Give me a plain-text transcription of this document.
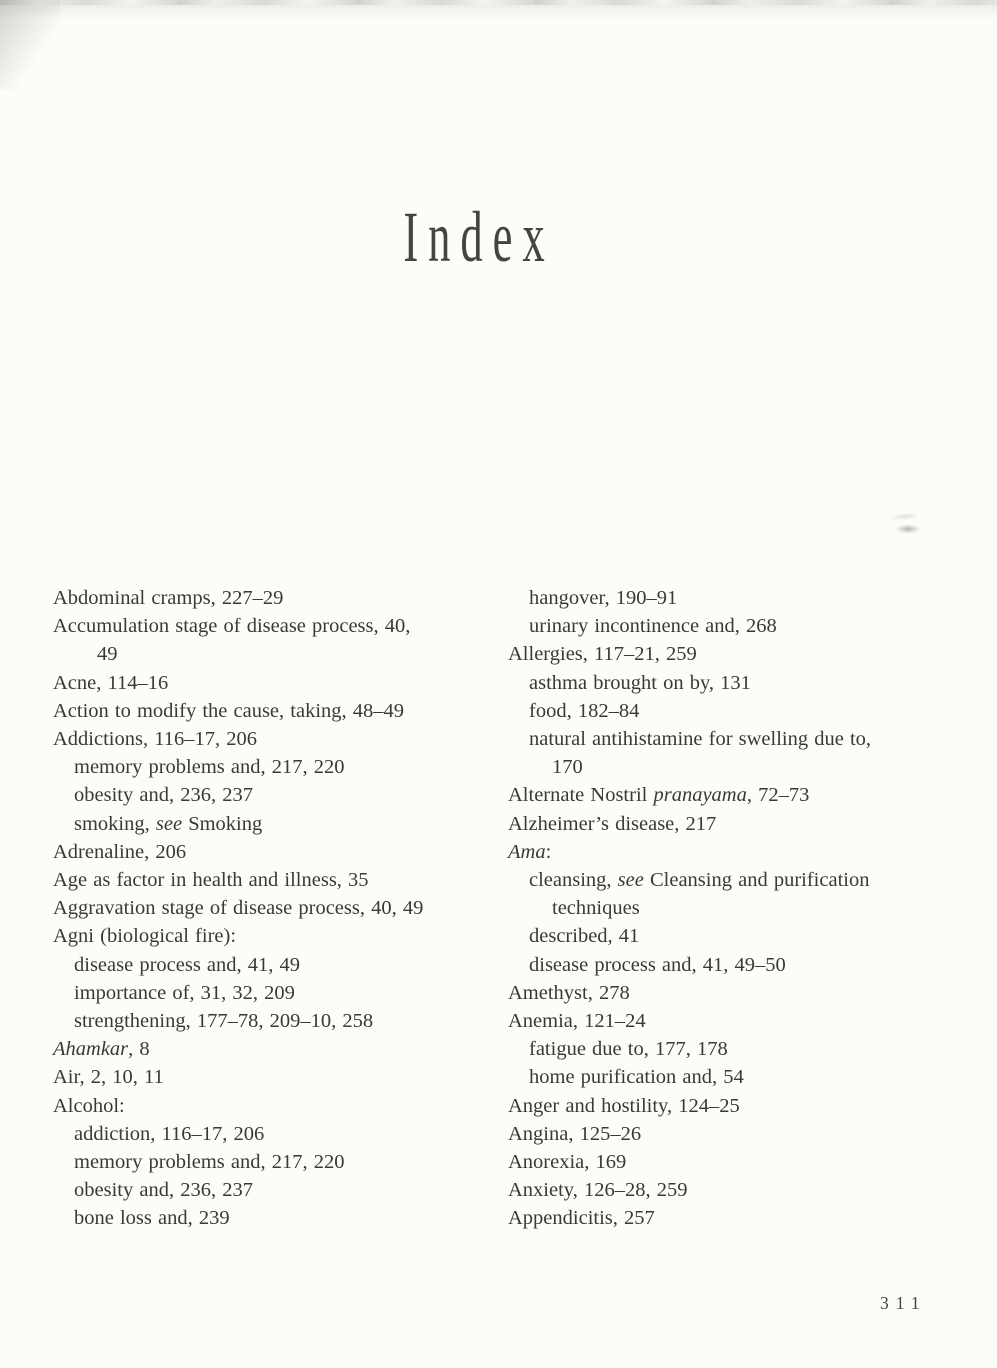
Index
Abdominal cramps, 227–29
Accumulation stage of disease process, 40,
49
Acne, 114–16
Action to modify the cause, taking, 48–49
Addictions, 116–17, 206
memory problems and, 217, 220
obesity and, 236, 237
smoking, see Smoking
Adrenaline, 206
Age as factor in health and illness, 35
Aggravation stage of disease process, 40, 49
Agni (biological fire):
disease process and, 41, 49
importance of, 31, 32, 209
strengthening, 177–78, 209–10, 258
Ahamkar, 8
Air, 2, 10, 11
Alcohol:
addiction, 116–17, 206
memory problems and, 217, 220
obesity and, 236, 237
bone loss and, 239
hangover, 190–91
urinary incontinence and, 268
Allergies, 117–21, 259
asthma brought on by, 131
food, 182–84
natural antihistamine for swelling due to,
170
Alternate Nostril pranayama, 72–73
Alzheimer’s disease, 217
Ama:
cleansing, see Cleansing and purification
techniques
described, 41
disease process and, 41, 49–50
Amethyst, 278
Anemia, 121–24
fatigue due to, 177, 178
home purification and, 54
Anger and hostility, 124–25
Angina, 125–26
Anorexia, 169
Anxiety, 126–28, 259
Appendicitis, 257
311
